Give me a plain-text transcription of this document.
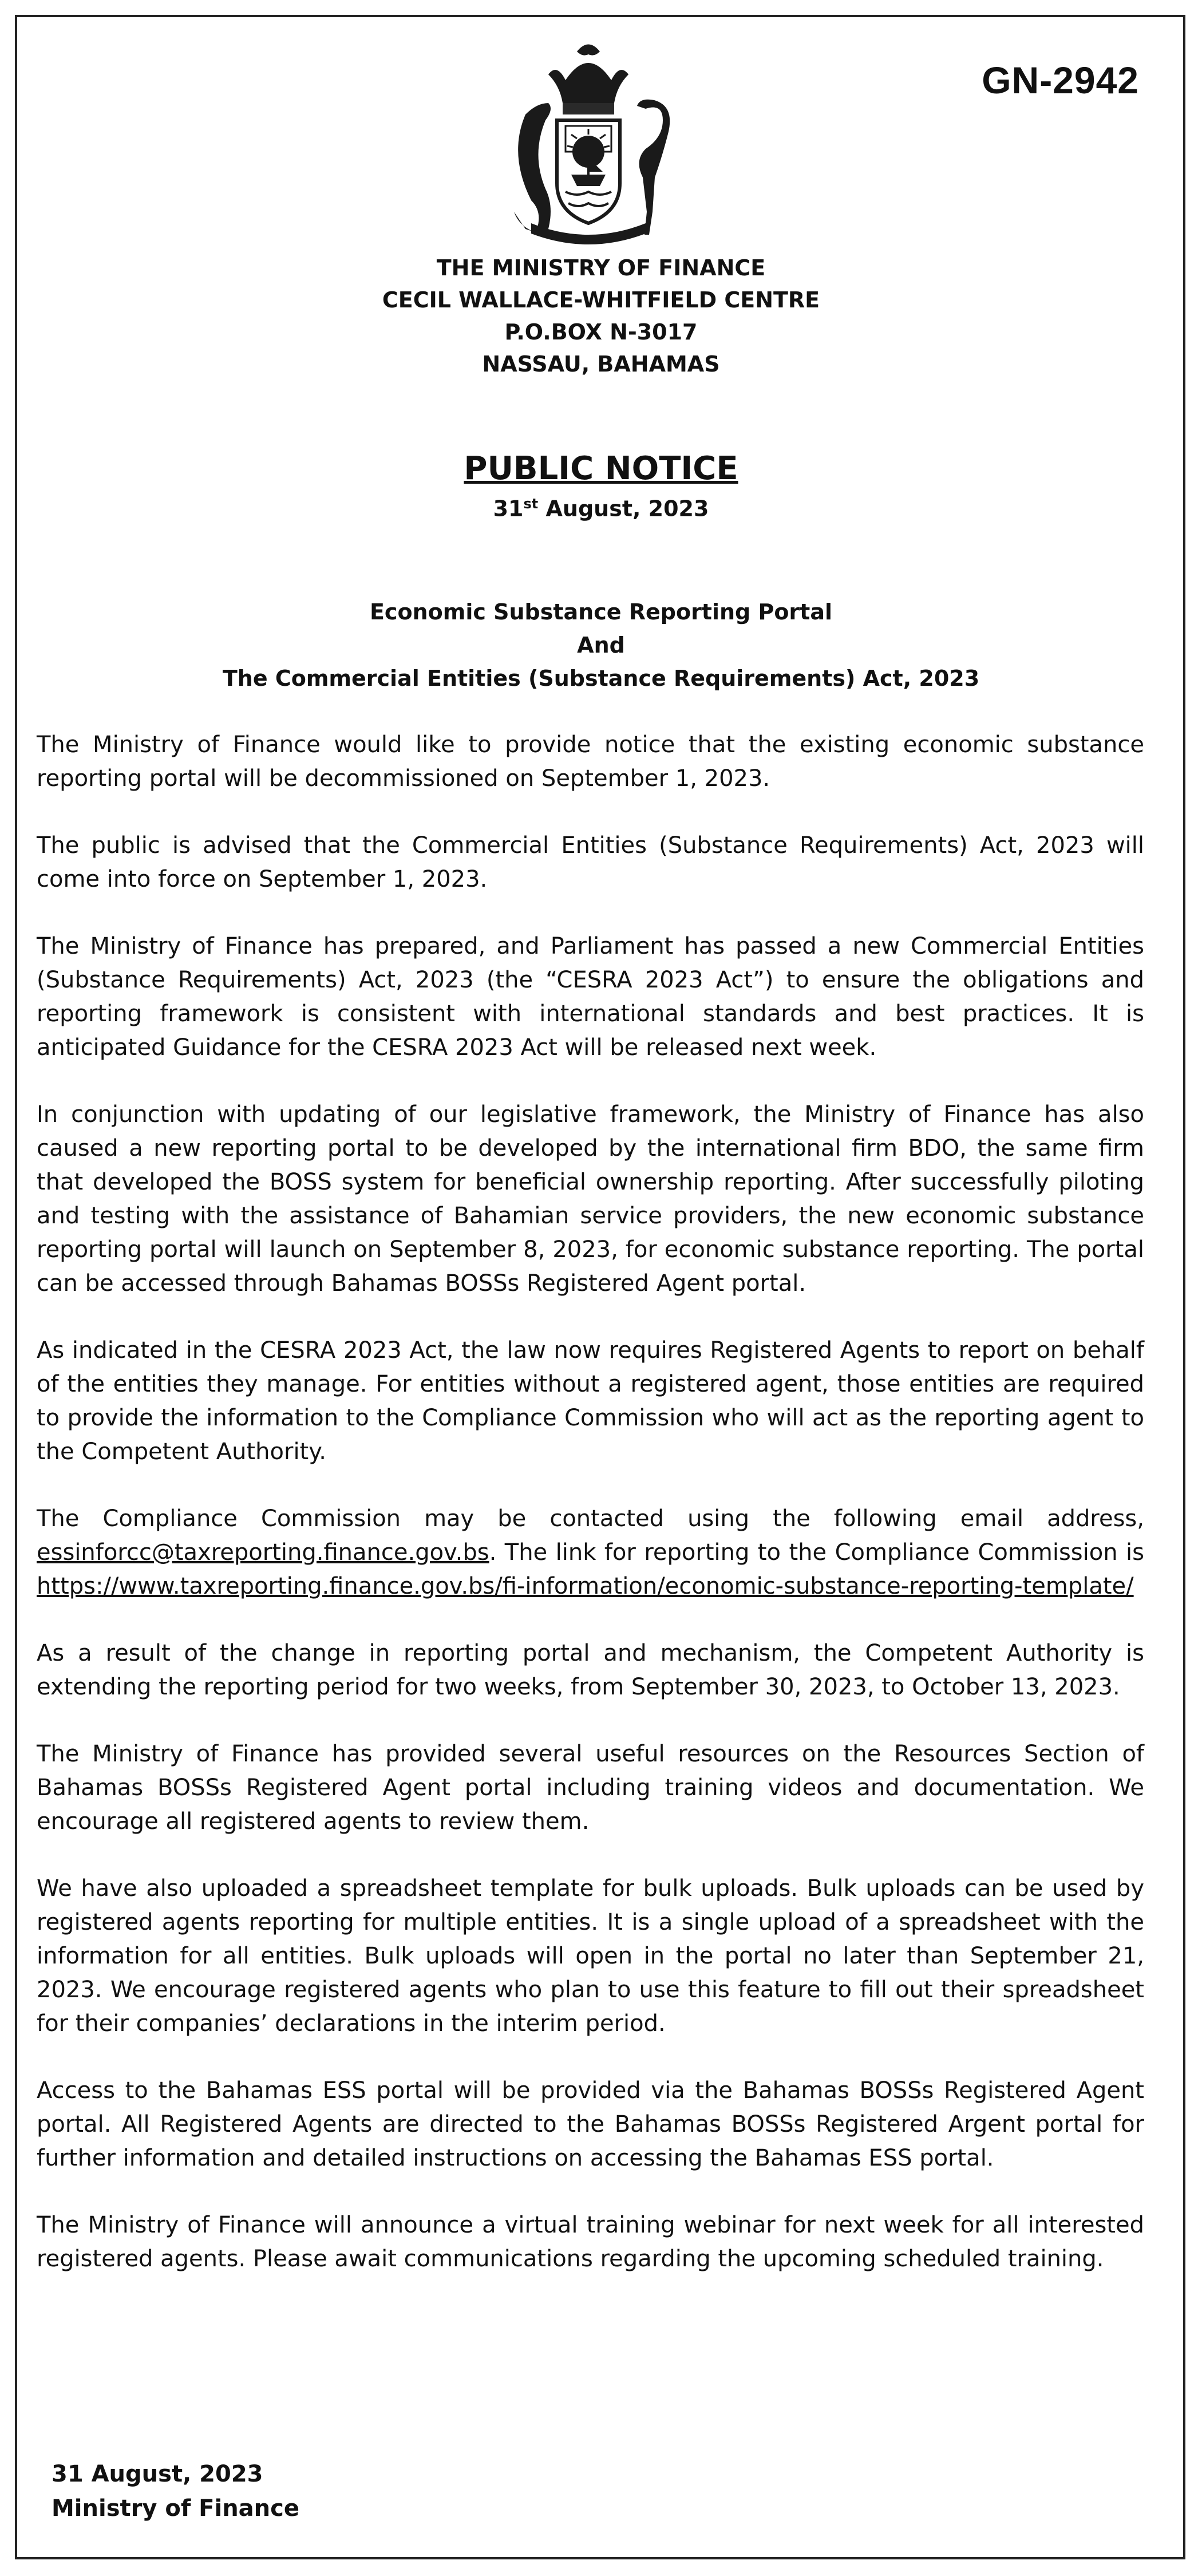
GN-2942
THE MINISTRY OF FINANCE
CECIL WALLACE-WHITFIELD CENTRE
P.O.BOX N-3017
NASSAU, BAHAMAS
PUBLIC NOTICE
31st August, 2023
Economic Substance Reporting Portal
And
The Commercial Entities (Substance Requirements) Act, 2023

The Ministry of Finance would like to provide notice that the existing economic substance reporting portal will be decommissioned on September 1, 2023.

The public is advised that the Commercial Entities (Substance Requirements) Act, 2023 will come into force on September 1, 2023.

The Ministry of Finance has prepared, and Parliament has passed a new Commercial Entities (Substance Requirements) Act, 2023 (the “CESRA 2023 Act”) to ensure the obligations and reporting framework is consistent with international standards and best practices. It is anticipated Guidance for the CESRA 2023 Act will be released next week.

In conjunction with updating of our legislative framework, the Ministry of Finance has also caused a new reporting portal to be developed by the international firm BDO, the same firm that developed the BOSS system for beneficial ownership reporting. After successfully piloting and testing with the assistance of Bahamian service providers, the new economic substance reporting portal will launch on September 8, 2023, for economic substance reporting. The portal can be accessed through Bahamas BOSSs Registered Agent portal.

As indicated in the CESRA 2023 Act, the law now requires Registered Agents to report on behalf of the entities they manage. For entities without a registered agent, those entities are required to provide the information to the Compliance Commission who will act as the reporting agent to the Competent Authority.

The Compliance Commission may be contacted using the following email address, essinforcc@taxreporting.finance.gov.bs. The link for reporting to the Compliance Commission is https://www.taxreporting.finance.gov.bs/fi-information/economic-substance-reporting-template/

As a result of the change in reporting portal and mechanism, the Competent Authority is extending the reporting period for two weeks, from September 30, 2023, to October 13, 2023.

The Ministry of Finance has provided several useful resources on the Resources Section of Bahamas BOSSs Registered Agent portal including training videos and documentation. We encourage all registered agents to review them.

We have also uploaded a spreadsheet template for bulk uploads. Bulk uploads can be used by registered agents reporting for multiple entities. It is a single upload of a spreadsheet with the information for all entities. Bulk uploads will open in the portal no later than September 21, 2023. We encourage registered agents who plan to use this feature to fill out their spreadsheet for their companies’ declarations in the interim period.

Access to the Bahamas ESS portal will be provided via the Bahamas BOSSs Registered Agent portal. All Registered Agents are directed to the Bahamas BOSSs Registered Argent portal for further information and detailed instructions on accessing the Bahamas ESS portal.

The Ministry of Finance will announce a virtual training webinar for next week for all interested registered agents. Please await communications regarding the upcoming scheduled training.

31 August, 2023
Ministry of Finance
